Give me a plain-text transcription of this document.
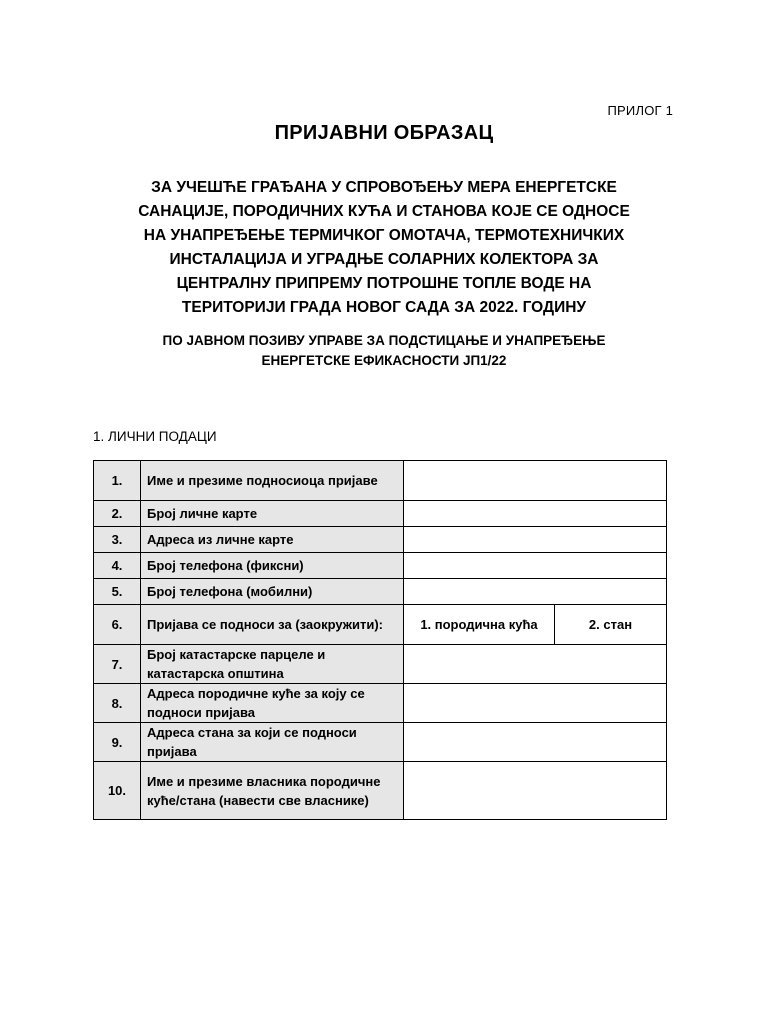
ПРИЛОГ 1
ПРИЈАВНИ ОБРАЗАЦ
ЗА УЧЕШЋЕ ГРАЂАНА У СПРОВОЂЕЊУ МЕРА ЕНЕРГЕТСКЕ
САНАЦИЈЕ, ПОРОДИЧНИХ КУЋА И СТАНОВА КОЈЕ СЕ ОДНОСЕ
НА УНАПРЕЂЕЊЕ ТЕРМИЧКОГ ОМОТАЧА, ТЕРМОТЕХНИЧКИХ
ИНСТАЛАЦИЈА И УГРАДЊЕ СОЛАРНИХ КОЛЕКТОРА ЗА
ЦЕНТРАЛНУ ПРИПРЕМУ ПОТРОШНЕ ТОПЛЕ ВОДЕ НА
ТЕРИТОРИЈИ ГРАДА НОВОГ САДА ЗА 2022. ГОДИНУ
ПО ЈАВНОМ ПОЗИВУ УПРАВЕ ЗА ПОДСТИЦАЊЕ И УНАПРЕЂЕЊЕ
ЕНЕРГЕТСКЕ ЕФИКАСНОСТИ ЈП1/22
1. ЛИЧНИ ПОДАЦИ
1.	Име и презиме подносиоца пријаве		
2.	Број личне карте		
3.	Адреса из личне карте		
4.	Број телефона (фиксни)		
5.	Број телефона (мобилни)		
6.	Пријава се подноси за (заокружити):	1. породична кућа	2. стан
7.	Број катастарске парцеле и катастарска општина		
8.	Адреса породичне куће за коју се подноси пријава		
9.	Адреса стана за који се подноси пријава		
10.	Име и презиме власника породичне куће/стана (навести све власнике)		
